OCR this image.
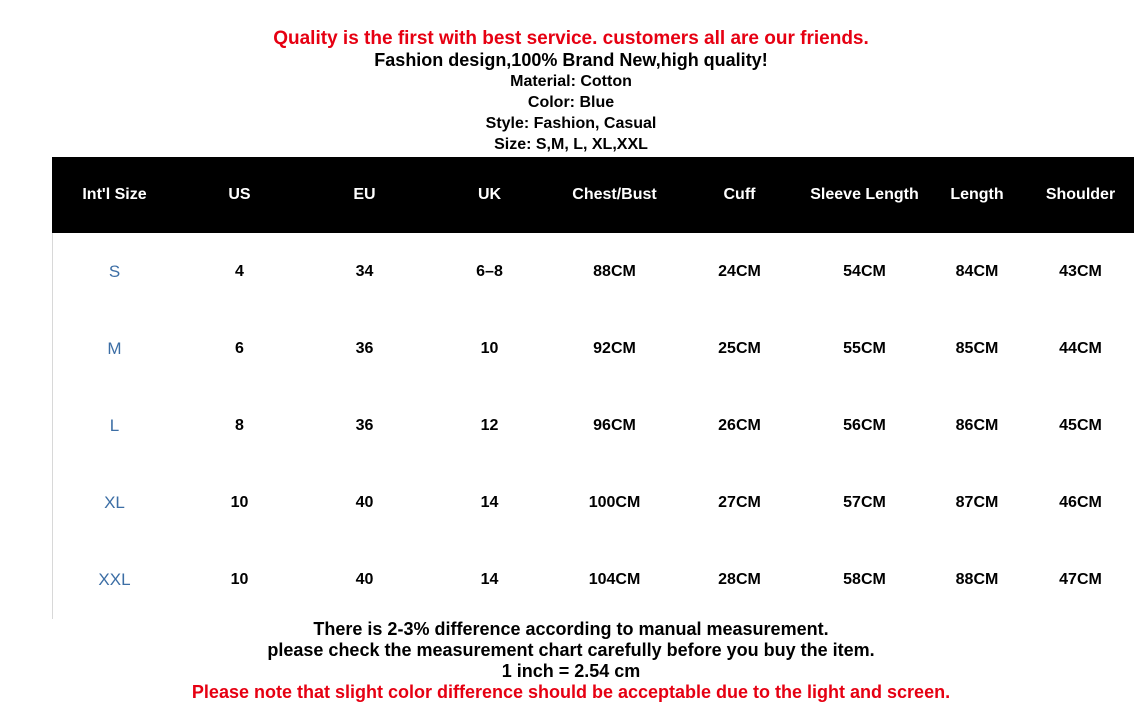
Quality is the first with best service. customers all are our friends.
Fashion design,100% Brand New,high quality!
Material: Cotton
Color: Blue
Style: Fashion, Casual
Size: S,M, L, XL,XXL
Int'l Size	US	EU	UK	Chest/Bust	Cuff	Sleeve Length	Length	Shoulder
S	4	34	6–8	88CM	24CM	54CM	84CM	43CM
M	6	36	10	92CM	25CM	55CM	85CM	44CM
L	8	36	12	96CM	26CM	56CM	86CM	45CM
XL	10	40	14	100CM	27CM	57CM	87CM	46CM
XXL	10	40	14	104CM	28CM	58CM	88CM	47CM
There is 2-3% difference according to manual measurement.
please check the measurement chart carefully before you buy the item.
1 inch = 2.54 cm
Please note that slight color difference should be acceptable due to the light and screen.
